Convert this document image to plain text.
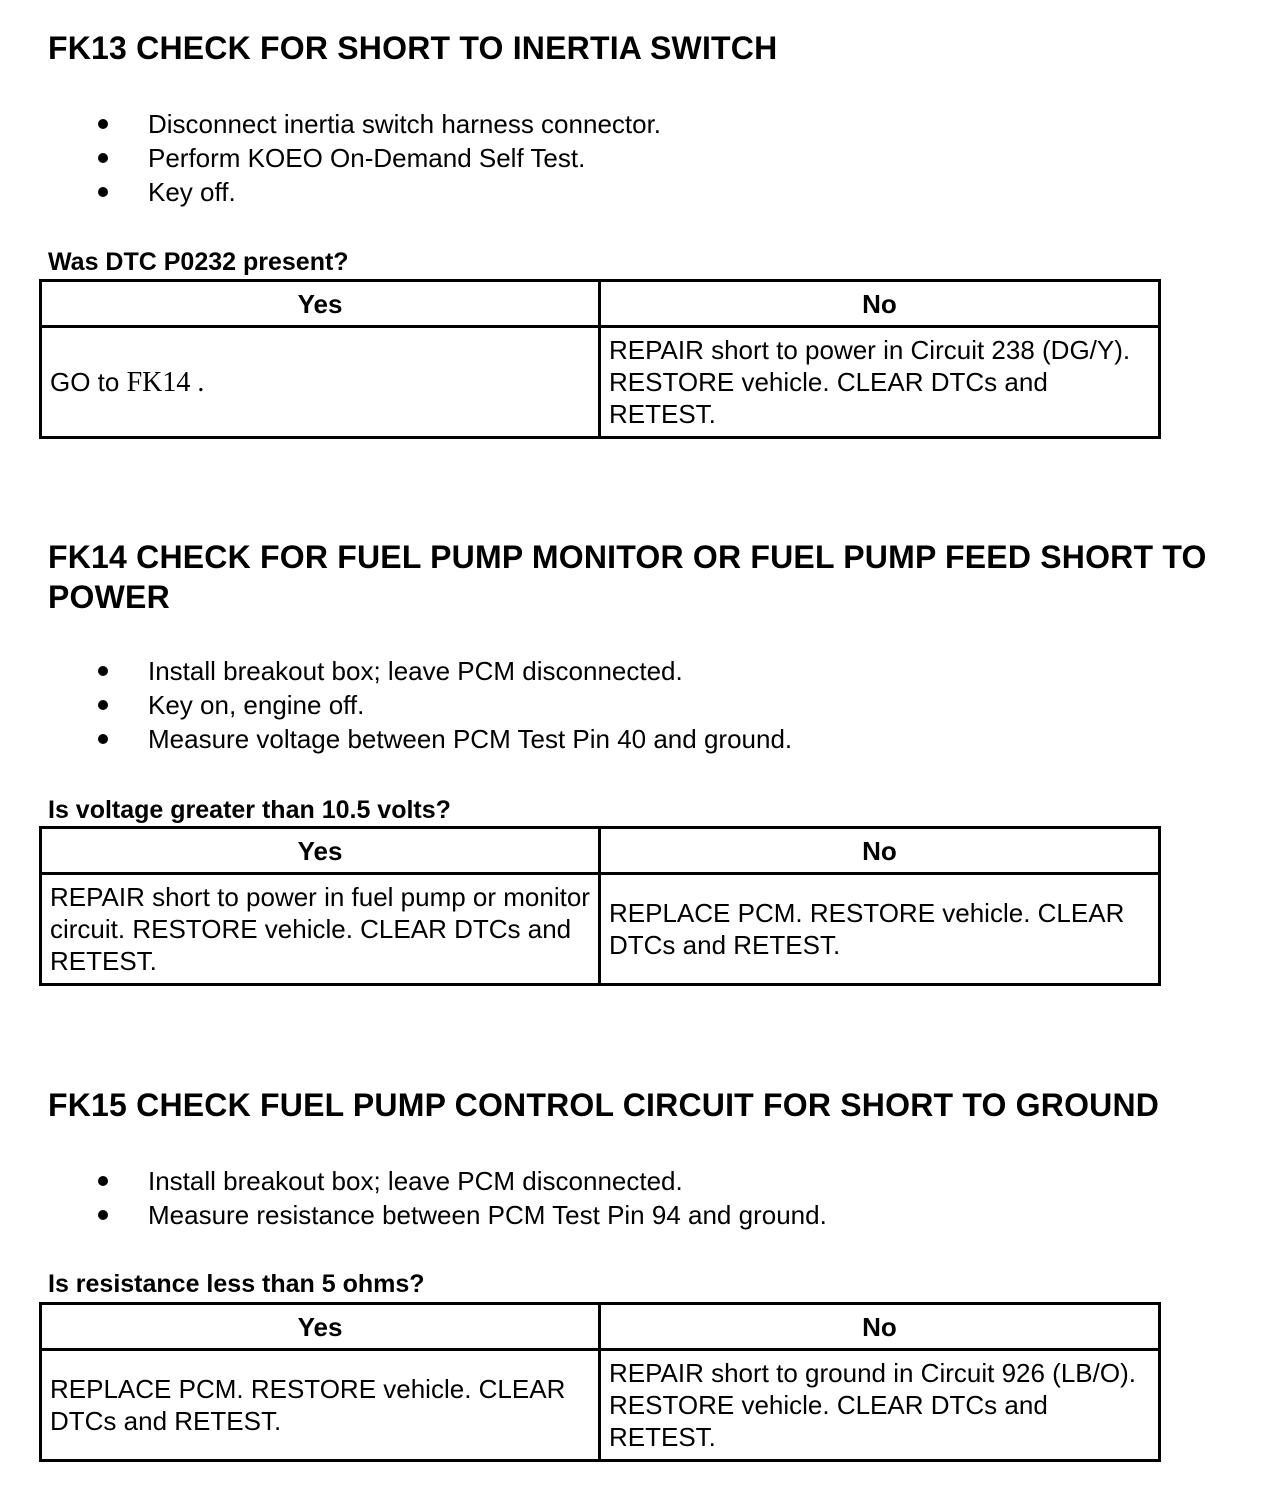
FK13 CHECK FOR SHORT TO INERTIA SWITCH
Disconnect inertia switch harness connector.
Perform KOEO On-Demand Self Test.
Key off.

Was DTC P0232 present?

Yes	No
GO to FK14 .	REPAIR short to power in Circuit 238 (DG/Y). RESTORE vehicle. CLEAR DTCs and RETEST.
FK14 CHECK FOR FUEL PUMP MONITOR OR FUEL PUMP FEED SHORT TO POWER
Install breakout box; leave PCM disconnected.
Key on, engine off.
Measure voltage between PCM Test Pin 40 and ground.

Is voltage greater than 10.5 volts?

Yes	No
REPAIR short to power in fuel pump or monitor circuit. RESTORE vehicle. CLEAR DTCs and RETEST.	REPLACE PCM. RESTORE vehicle. CLEAR DTCs and RETEST.
FK15 CHECK FUEL PUMP CONTROL CIRCUIT FOR SHORT TO GROUND
Install breakout box; leave PCM disconnected.
Measure resistance between PCM Test Pin 94 and ground.

Is resistance less than 5 ohms?

Yes	No
REPLACE PCM. RESTORE vehicle. CLEAR DTCs and RETEST.	REPAIR short to ground in Circuit 926 (LB/O). RESTORE vehicle. CLEAR DTCs and RETEST.
